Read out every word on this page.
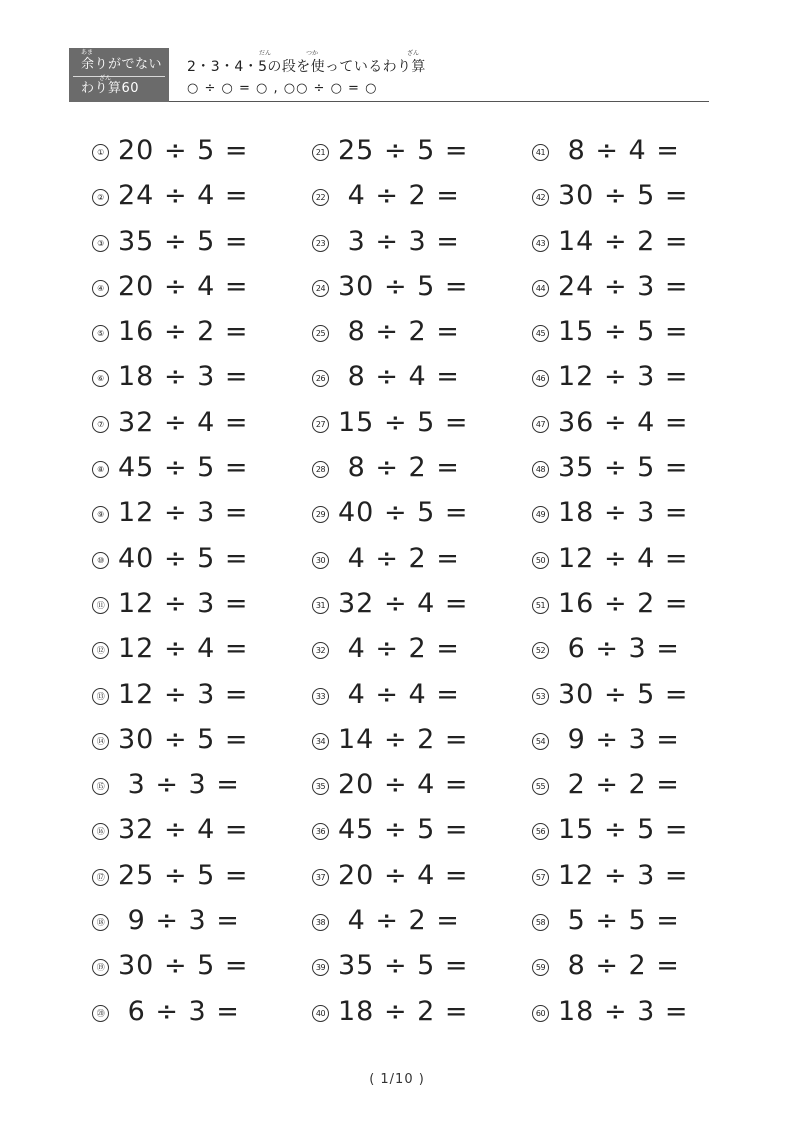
あま
余りがでない
ざん
わり算60
だん	つか	ざん
2・3・4・5の段を使っているわり算
○ ÷ ○ = ○ , ○○ ÷ ○ = ○
① 20 ÷ 5 =
② 24 ÷ 4 =
③ 35 ÷ 5 =
④ 20 ÷ 4 =
⑤ 16 ÷ 2 =
⑥ 18 ÷ 3 =
⑦ 32 ÷ 4 =
⑧ 45 ÷ 5 =
⑨ 12 ÷ 3 =
⑩ 40 ÷ 5 =
⑪ 12 ÷ 3 =
⑫ 12 ÷ 4 =
⑬ 12 ÷ 3 =
⑭ 30 ÷ 5 =
⑮ 3 ÷ 3 =
⑯ 32 ÷ 4 =
⑰ 25 ÷ 5 =
⑱ 9 ÷ 3 =
⑲ 30 ÷ 5 =
⑳ 6 ÷ 3 =
21 25 ÷ 5 =
22 4 ÷ 2 =
23 3 ÷ 3 =
24 30 ÷ 5 =
25 8 ÷ 2 =
26 8 ÷ 4 =
27 15 ÷ 5 =
28 8 ÷ 2 =
29 40 ÷ 5 =
30 4 ÷ 2 =
31 32 ÷ 4 =
32 4 ÷ 2 =
33 4 ÷ 4 =
34 14 ÷ 2 =
35 20 ÷ 4 =
36 45 ÷ 5 =
37 20 ÷ 4 =
38 4 ÷ 2 =
39 35 ÷ 5 =
40 18 ÷ 2 =
41 8 ÷ 4 =
42 30 ÷ 5 =
43 14 ÷ 2 =
44 24 ÷ 3 =
45 15 ÷ 5 =
46 12 ÷ 3 =
47 36 ÷ 4 =
48 35 ÷ 5 =
49 18 ÷ 3 =
50 12 ÷ 4 =
51 16 ÷ 2 =
52 6 ÷ 3 =
53 30 ÷ 5 =
54 9 ÷ 3 =
55 2 ÷ 2 =
56 15 ÷ 5 =
57 12 ÷ 3 =
58 5 ÷ 5 =
59 8 ÷ 2 =
60 18 ÷ 3 =
( 1/10 )
